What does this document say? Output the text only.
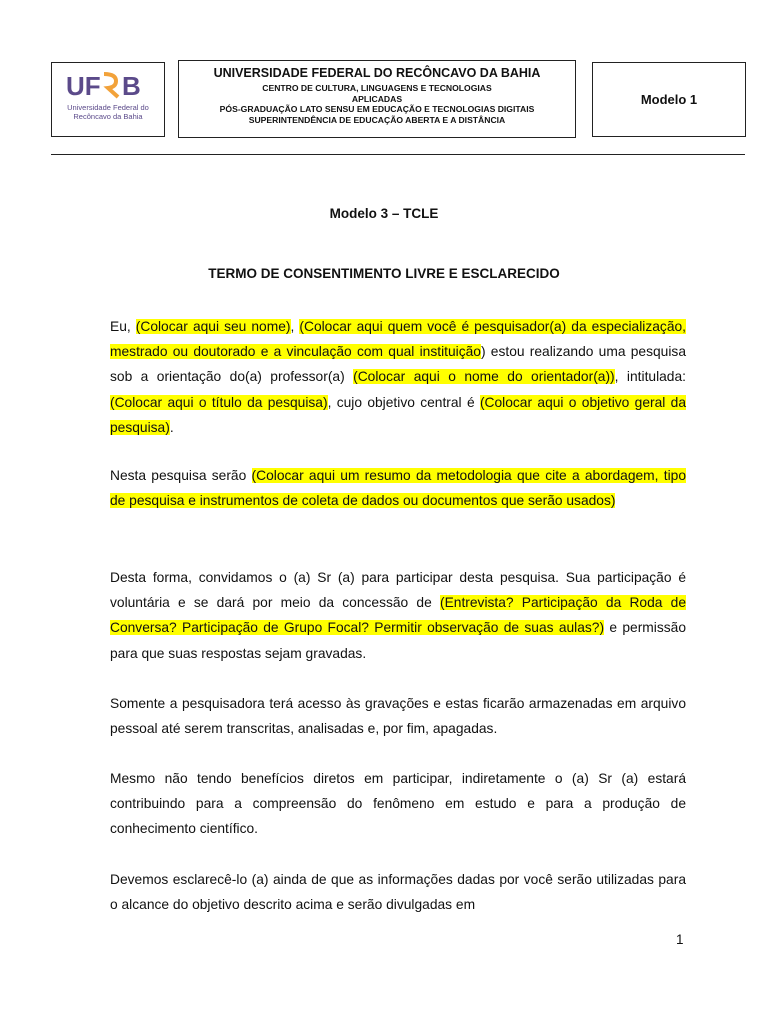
UF B
Universidade Federal do
Recôncavo da Bahia
UNIVERSIDADE FEDERAL DO RECÔNCAVO DA BAHIA
CENTRO DE CULTURA, LINGUAGENS E TECNOLOGIAS
APLICADAS
PÓS-GRADUAÇÃO LATO SENSU EM EDUCAÇÃO E TECNOLOGIAS DIGITAIS
SUPERINTENDÊNCIA DE EDUCAÇÃO ABERTA E A DISTÂNCIA
Modelo 1
Modelo 3 – TCLE
TERMO DE CONSENTIMENTO LIVRE E ESCLARECIDO
Eu, (Colocar aqui seu nome), (Colocar aqui quem você é pesquisador(a) da especialização, mestrado ou doutorado e a vinculação com qual instituição) estou realizando uma pesquisa sob a orientação do(a) professor(a) (Colocar aqui o nome do orientador(a)), intitulada: (Colocar aqui o título da pesquisa), cujo objetivo central é (Colocar aqui o objetivo geral da pesquisa).
Nesta pesquisa serão (Colocar aqui um resumo da metodologia que cite a abordagem, tipo de pesquisa e instrumentos de coleta de dados ou documentos que serão usados)
Desta forma, convidamos o (a) Sr (a) para participar desta pesquisa. Sua participação é voluntária e se dará por meio da concessão de (Entrevista? Participação da Roda de Conversa? Participação de Grupo Focal? Permitir observação de suas aulas?) e permissão para que suas respostas sejam gravadas.
Somente a pesquisadora terá acesso às gravações e estas ficarão armazenadas em arquivo pessoal até serem transcritas, analisadas e, por fim, apagadas.
Mesmo não tendo benefícios diretos em participar, indiretamente o (a) Sr (a) estará contribuindo para a compreensão do fenômeno em estudo e para a produção de conhecimento científico.
Devemos esclarecê-lo (a) ainda de que as informações dadas por você serão utilizadas para o alcance do objetivo descrito acima e serão divulgadas em
1
